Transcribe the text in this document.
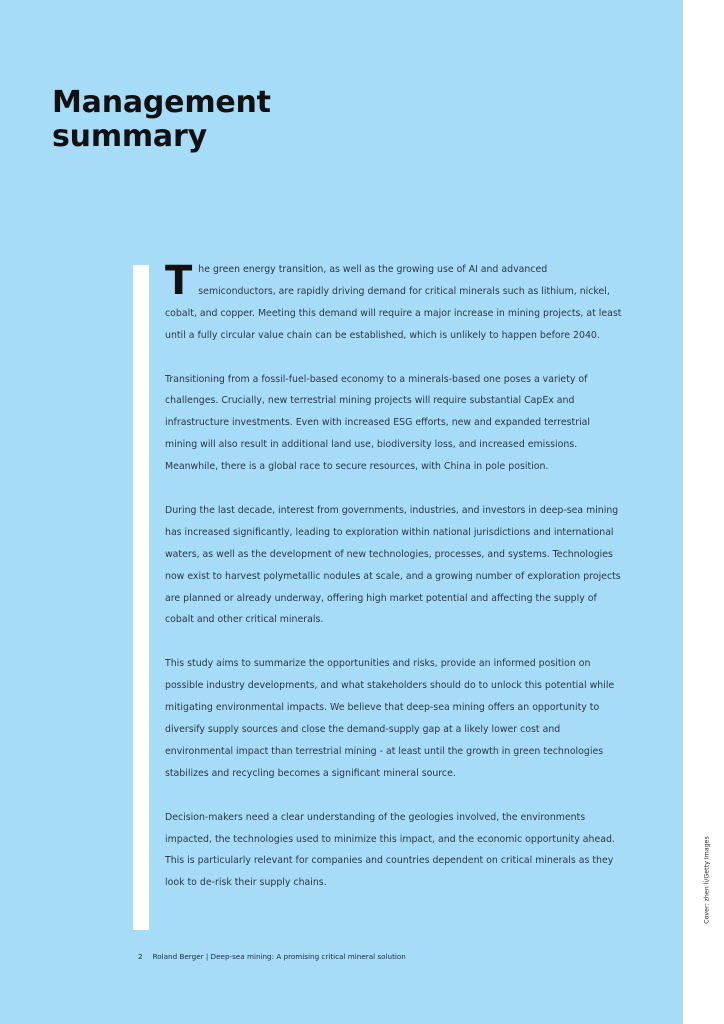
Management
summary

The green energy transition, as well as the growing use of AI and advanced semiconductors, are rapidly driving demand for critical minerals such as lithium, nickel, cobalt, and copper. Meeting this demand will require a major increase in mining projects, at least until a fully circular value chain can be established, which is unlikely to happen before 2040.

Transitioning from a fossil-fuel-based economy to a minerals-based one poses a variety of challenges. Crucially, new terrestrial mining projects will require substantial CapEx and infrastructure investments. Even with increased ESG efforts, new and expanded terrestrial mining will also result in additional land use, biodiversity loss, and increased emissions. Meanwhile, there is a global race to secure resources, with China in pole position.

During the last decade, interest from governments, industries, and investors in deep-sea mining has increased significantly, leading to exploration within national jurisdictions and international waters, as well as the development of new technologies, processes, and systems. Technologies now exist to harvest polymetallic nodules at scale, and a growing number of exploration projects are planned or already underway, offering high market potential and affecting the supply of cobalt and other critical minerals.

This study aims to summarize the opportunities and risks, provide an informed position on possible industry developments, and what stakeholders should do to unlock this potential while mitigating environmental impacts. We believe that deep-sea mining offers an opportunity to diversify supply sources and close the demand-supply gap at a likely lower cost and environmental impact than terrestrial mining - at least until the growth in green technologies stabilizes and recycling becomes a significant mineral source.

Decision-makers need a clear understanding of the geologies involved, the environments impacted, the technologies used to minimize this impact, and the economic opportunity ahead. This is particularly relevant for companies and countries dependent on critical minerals as they look to de-risk their supply chains.

2 Roland Berger | Deep-sea mining: A promising critical mineral solution
Cover: zhen li/Getty Images
